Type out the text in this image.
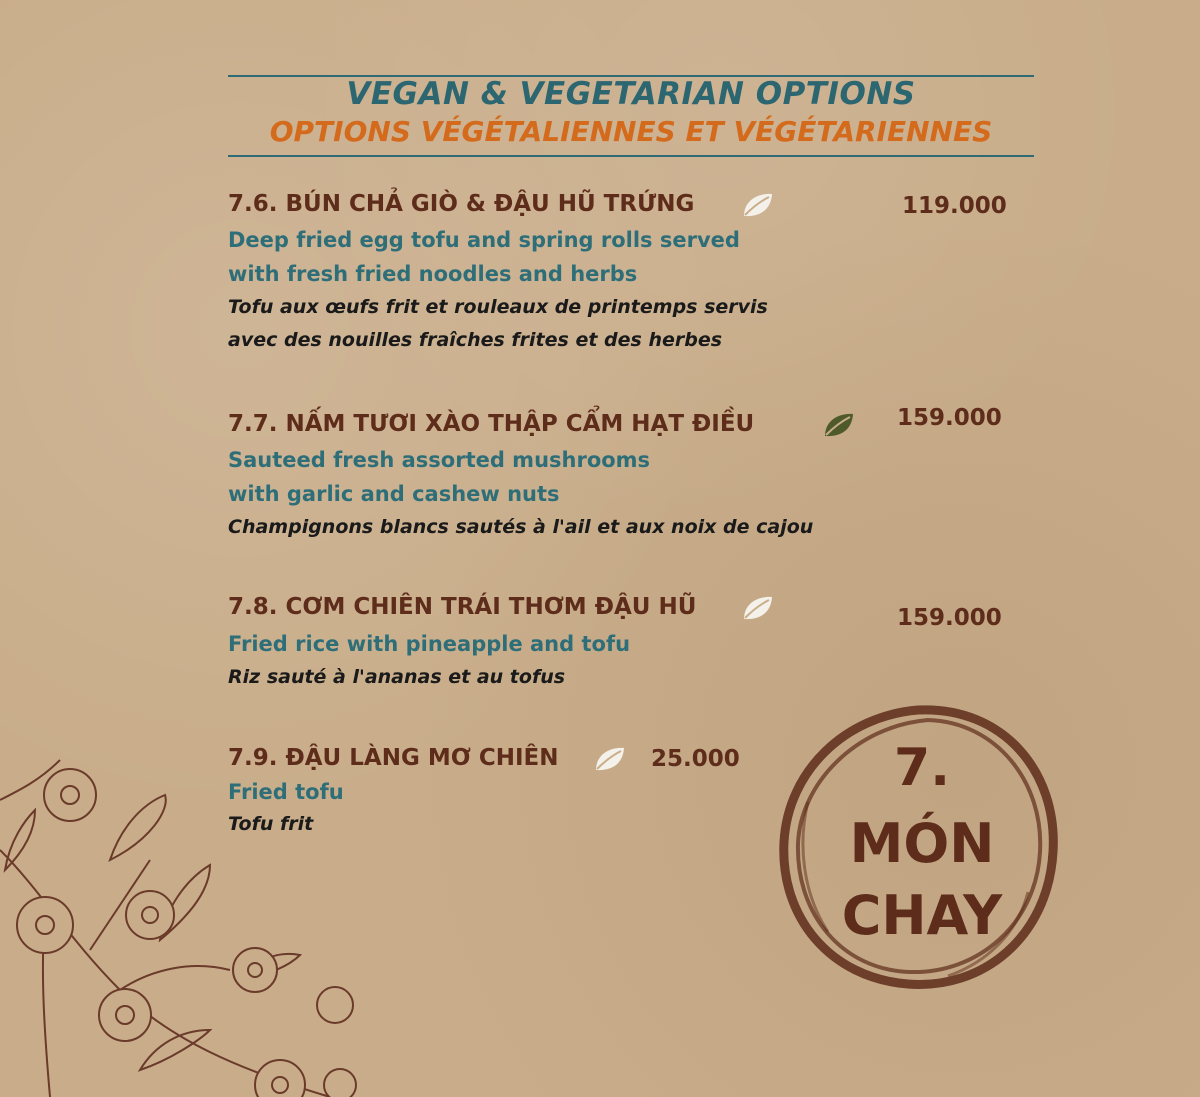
VEGAN & VEGETARIAN OPTIONS
OPTIONS VÉGÉTALIENNES ET VÉGÉTARIENNES
7.6. BÚN CHẢ GIÒ & ĐẬU HŨ TRỨNG	119.000
Deep fried egg tofu and spring rolls served
with fresh fried noodles and herbs
Tofu aux œufs frit et rouleaux de printemps servis
avec des nouilles fraîches frites et des herbes
7.7. NẤM TƯƠI XÀO THẬP CẨM HẠT ĐIỀU	159.000
Sauteed fresh assorted mushrooms
with garlic and cashew nuts
Champignons blancs sautés à l'ail et aux noix de cajou
7.8. CƠM CHIÊN TRÁI THƠM ĐẬU HŨ	159.000
Fried rice with pineapple and tofu
Riz sauté à l'ananas et au tofus
7.9. ĐẬU LÀNG MƠ CHIÊN	25.000
Fried tofu
Tofu frit
7.
MÓN
CHAY
